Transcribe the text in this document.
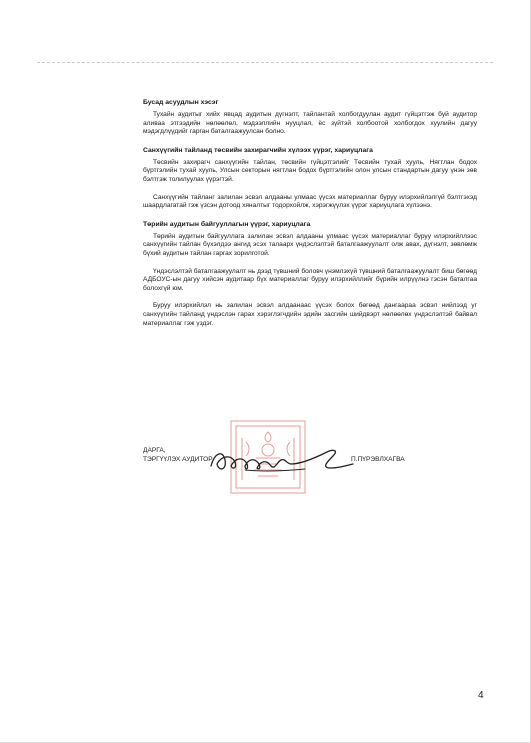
Бусад асуудлын хэсэг
Тухайн аудитыг хийх явцад аудитын дүгнэлт, тайлантай холбогдуулан аудит гүйцэтгэж буй аудитор аливаа этгээдийн нөлөөлөл, мэдээллийн нууцлал, ёс зүйтэй холбоотой холбогдох хуулийн дагуу мэдэгдлүүдийг гарган баталгаажуулсан болно.
Санхүүгийн тайланд төсвийн захирагчийн хүлээх үүрэг, хариуцлага
Төсвийн захирагч санхүүгийн тайлан, төсвийн гүйцэтгэлийг Төсвийн тухай хууль, Нягтлан бодох бүртгэлийн тухай хууль, Улсын секторын нягтлан бодох бүртгэлийн олон улсын стандартын дагуу үнэн зөв бэлтгэж толилуулах үүрэгтэй.
Санхүүгийн тайланг залилан эсвэл алдааны улмаас үүсэх материаллаг буруу илэрхийлэлгүй бэлтгэхэд шаардлагатай гэж үзсэн дотоод хяналтыг тодорхойлж, хэрэгжүүлэх үүрэг хариуцлага хүлээнэ.
Төрийн аудитын байгууллагын үүрэг, хариуцлага
Төрийн аудитын байгууллага залилан эсвэл алдааны улмаас үүсэх материаллаг буруу илэрхийллээс санхүүгийн тайлан бүхэлдээ ангид эсэх талаарх үндэслэлтэй баталгаажуулалт олж авах, дүгнэлт, зөвлөмж бүхий аудитын тайлан гаргах зорилготой.
Үндэслэлтэй баталгаажуулалт нь дээд түвшний боловч үнэмлэхүй түвшний баталгаажуулалт биш бөгөөд АДБОУС-ын дагуу хийсэн аудитаар бүх материаллаг буруу илэрхийллийг бүрийн илрүүлнэ гэсэн баталгаа болохгүй юм.
Буруу илэрхийлэл нь залилан эсвэл алдаанаас үүсэх болох бөгөөд дангаараа эсвэл нийлээд уг санхүүгийн тайланд үндэслэн гарах хэрэглэгчдийн эдийн засгийн шийдвэрт нөлөөлөх үндэслэлтэй байвал материаллаг гэж үздэг.
ДАРГА,
ТЭРГҮҮЛЭХ АУДИТОР	П.ПҮРЭВЛХАГВА
4
